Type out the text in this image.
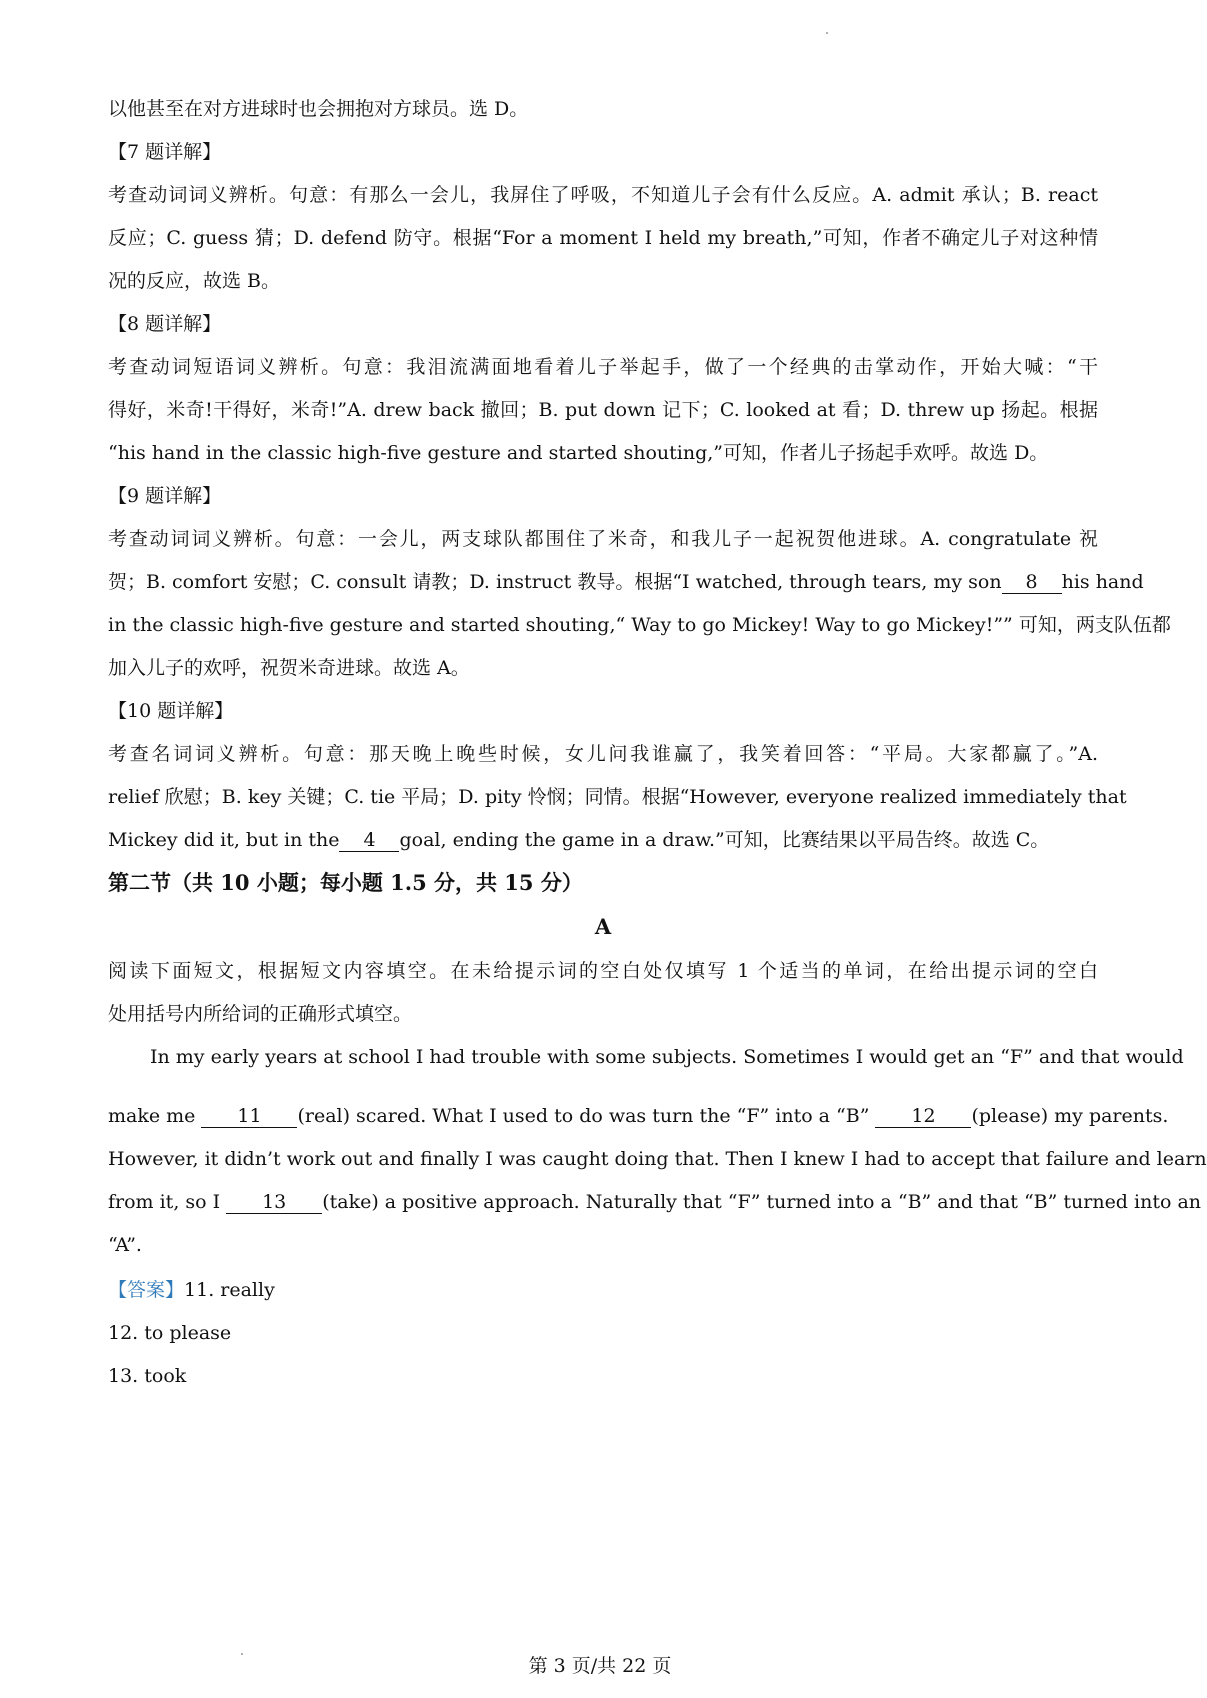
以他甚至在对方进球时也会拥抱对方球员。选 D。
【7 题详解】
考查动词词义辨析。句意：有那么一会儿，我屏住了呼吸，不知道儿子会有什么反应。A. admit 承认；B. react
反应；C. guess 猜；D. defend 防守。根据“For a moment I held my breath,”可知，作者不确定儿子对这种情
况的反应，故选 B。
【8 题详解】
考查动词短语词义辨析。句意：我泪流满面地看着儿子举起手，做了一个经典的击掌动作，开始大喊：“干
得好，米奇!干得好，米奇!”A. drew back 撤回；B. put down 记下；C. looked at 看；D. threw up 扬起。根据
“his hand in the classic high-five gesture and started shouting,”可知，作者儿子扬起手欢呼。故选 D。
【9 题详解】
考查动词词义辨析。句意：一会儿，两支球队都围住了米奇，和我儿子一起祝贺他进球。A. congratulate 祝
贺；B. comfort 安慰；C. consult 请教；D. instruct 教导。根据“I watched, through tears, my son 8 his hand
in the classic high-five gesture and started shouting,“ Way to go Mickey! Way to go Mickey!”” 可知，两支队伍都
加入儿子的欢呼，祝贺米奇进球。故选 A。
【10 题详解】
考查名词词义辨析。句意：那天晚上晚些时候，女儿问我谁赢了，我笑着回答：“平局。大家都赢了。”A.
relief 欣慰；B. key 关键；C. tie 平局；D. pity 怜悯；同情。根据“However, everyone realized immediately that
Mickey did it, but in the 4 goal, ending the game in a draw.”可知，比赛结果以平局告终。故选 C。
第二节（共 10 小题；每小题 1.5 分，共 15 分）
A
阅读下面短文，根据短文内容填空。在未给提示词的空白处仅填写 1 个适当的单词，在给出提示词的空白
处用括号内所给词的正确形式填空。
In my early years at school I had trouble with some subjects. Sometimes I would get an “F” and that would
make me 11 (real) scared. What I used to do was turn the “F” into a “B” 12 (please) my parents.
However, it didn’t work out and finally I was caught doing that. Then I knew I had to accept that failure and learn
from it, so I 13 (take) a positive approach. Naturally that “F” turned into a “B” and that “B” turned into an
“A”.
【答案】11. really
12. to please
13. took
第 3 页/共 22 页
